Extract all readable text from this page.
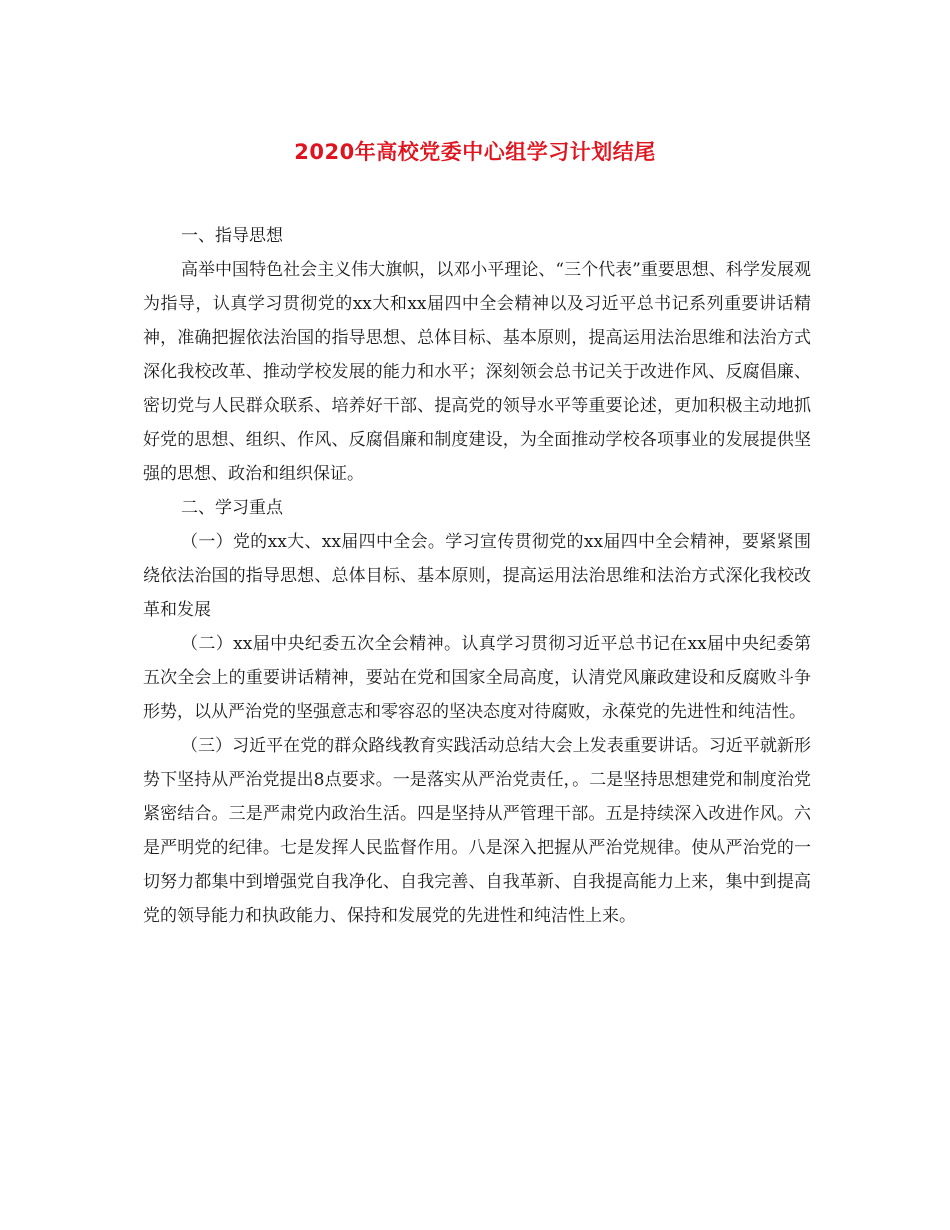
2020年高校党委中心组学习计划结尾
一、指导思想

高举中国特色社会主义伟大旗帜，以邓小平理论、“三个代表”重要思想、科学发展观为指导，认真学习贯彻党的xx大和xx届四中全会精神以及习近平总书记系列重要讲话精神，准确把握依法治国的指导思想、总体目标、基本原则，提高运用法治思维和法治方式深化我校改革、推动学校发展的能力和水平；深刻领会总书记关于改进作风、反腐倡廉、密切党与人民群众联系、培养好干部、提高党的领导水平等重要论述，更加积极主动地抓好党的思想、组织、作风、反腐倡廉和制度建设，为全面推动学校各项事业的发展提供坚强的思想、政治和组织保证。

二、学习重点

（一）党的xx大、xx届四中全会。学习宣传贯彻党的xx届四中全会精神，要紧紧围绕依法治国的指导思想、总体目标、基本原则，提高运用法治思维和法治方式深化我校改革和发展

（二）xx届中央纪委五次全会精神。认真学习贯彻习近平总书记在xx届中央纪委第五次全会上的重要讲话精神，要站在党和国家全局高度，认清党风廉政建设和反腐败斗争形势，以从严治党的坚强意志和零容忍的坚决态度对待腐败，永葆党的先进性和纯洁性。

（三）习近平在党的群众路线教育实践活动总结大会上发表重要讲话。习近平就新形势下坚持从严治党提出8点要求。一是落实从严治党责任，。二是坚持思想建党和制度治党紧密结合。三是严肃党内政治生活。四是坚持从严管理干部。五是持续深入改进作风。六是严明党的纪律。七是发挥人民监督作用。八是深入把握从严治党规律。使从严治党的一切努力都集中到增强党自我净化、自我完善、自我革新、自我提高能力上来，集中到提高党的领导能力和执政能力、保持和发展党的先进性和纯洁性上来。
